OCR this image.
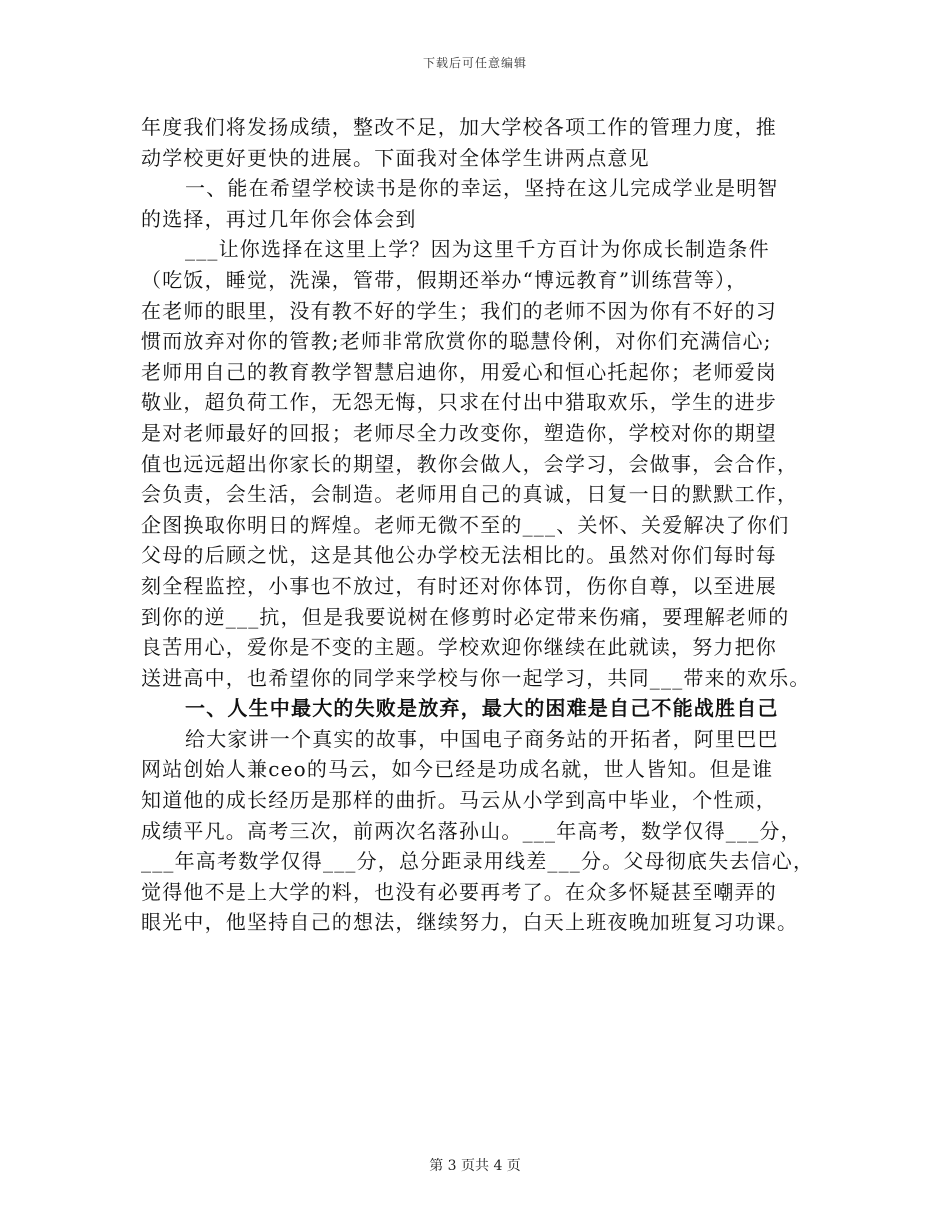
下载后可任意编辑
年度我们将发扬成绩，整改不足，加大学校各项工作的管理力度，推
动学校更好更快的进展。下面我对全体学生讲两点意见
一、能在希望学校读书是你的幸运，坚持在这儿完成学业是明智
的选择，再过几年你会体会到
___让你选择在这里上学？因为这里千方百计为你成长制造条件
（吃饭，睡觉，洗澡，管带，假期还举办“博远教育”训练营等），
在老师的眼里，没有教不好的学生；我们的老师不因为你有不好的习
惯而放弃对你的管教;老师非常欣赏你的聪慧伶俐，对你们充满信心;
老师用自己的教育教学智慧启迪你，用爱心和恒心托起你；老师爱岗
敬业，超负荷工作，无怨无悔，只求在付出中猎取欢乐，学生的进步
是对老师最好的回报；老师尽全力改变你，塑造你，学校对你的期望
值也远远超出你家长的期望，教你会做人，会学习，会做事，会合作，
会负责，会生活，会制造。老师用自己的真诚，日复一日的默默工作，
企图换取你明日的辉煌。老师无微不至的___、关怀、关爱解决了你们
父母的后顾之忧，这是其他公办学校无法相比的。虽然对你们每时每
刻全程监控，小事也不放过，有时还对你体罚，伤你自尊，以至进展
到你的逆___抗，但是我要说树在修剪时必定带来伤痛，要理解老师的
良苦用心，爱你是不变的主题。学校欢迎你继续在此就读，努力把你
送进高中，也希望你的同学来学校与你一起学习，共同___带来的欢乐。
一、人生中最大的失败是放弃，最大的困难是自己不能战胜自己
给大家讲一个真实的故事，中国电子商务站的开拓者，阿里巴巴
网站创始人兼ceo的马云，如今已经是功成名就，世人皆知。但是谁
知道他的成长经历是那样的曲折。马云从小学到高中毕业，个性顽，
成绩平凡。高考三次，前两次名落孙山。___年高考，数学仅得___分，
___年高考数学仅得___分，总分距录用线差___分。父母彻底失去信心，
觉得他不是上大学的料，也没有必要再考了。在众多怀疑甚至嘲弄的
眼光中，他坚持自己的想法，继续努力，白天上班夜晚加班复习功课。
第 3 页共 4 页
